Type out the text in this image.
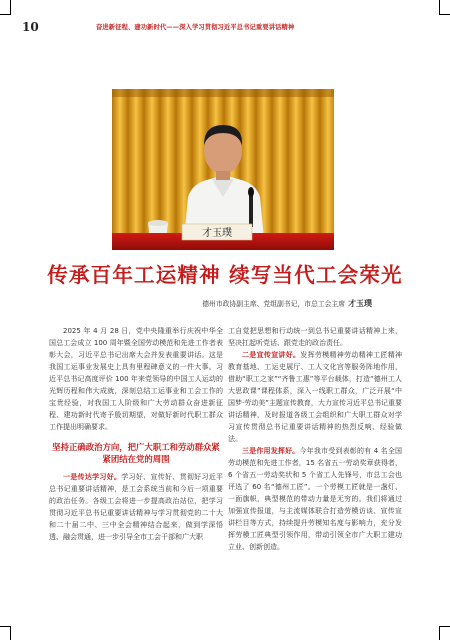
10	奋进新征程、建功新时代——深入学习贯彻习近平总书记重要讲话精神
才玉璞
传承百年工运精神 续写当代工会荣光
德州市政协副主席、党组副书记，市总工会主席 才玉璞

2025 年 4 月 28 日，党中央隆重举行庆祝中华全国总工会成立 100 周年暨全国劳动模范和先进工作者表彰大会，习近平总书记出席大会并发表重要讲话。这是我国工运事业发展史上具有里程碑意义的一件大事。习近平总书记高度评价 100 年来党领导的中国工人运动的光辉历程和伟大成就，深刻总结工运事业和工会工作的宝贵经验，对我国工人阶级和广大劳动群众奋进新征程、建功新时代寄予殷切期望，对做好新时代职工群众工作提出明确要求。

坚持正确政治方向，把广大职工和劳动群众紧紧团结在党的周围

一是传达学习好。学习好、宣传好、贯彻好习近平总书记重要讲话精神，是工会系统当前和今后一项重要的政治任务。各级工会将进一步提高政治站位，把学习贯彻习近平总书记重要讲话精神与学习贯彻党的二十大和二十届二中、三中全会精神结合起来，做到学深悟透、融会贯通，进一步引导全市工会干部和广大职

工自觉把思想和行动统一到总书记重要讲话精神上来，坚决扛起听党话、跟党走的政治责任。

二是宣传宣讲好。发挥劳模精神劳动精神工匠精神教育基地、工运史展厅、工人文化宫等服务阵地作用，借助“职工之家”“齐鲁工惠”等平台载体，打造“德州工人大思政课”课程体系，深入一线职工群众，广泛开展“中国梦·劳动美”主题宣传教育，大力宣传习近平总书记重要讲话精神，及时报道各级工会组织和广大职工群众对学习宣传贯彻总书记重要讲话精神的热烈反响、经验做法。

三是作用发挥好。今年我市受到表彰的有 4 名全国劳动模范和先进工作者，15 名省五一劳动奖章获得者，6 个省五一劳动奖状和 5 个省工人先锋号，市总工会也评选了 60 名“德州工匠”。一个劳模工匠就是一盏灯、一面旗帜，典型模范的带动力量是无穷的。我们将通过加强宣传报道，与主流媒体联合打造劳模访谈、宣传宣讲栏目等方式，持续提升劳模知名度与影响力，充分发挥劳模工匠典型引领作用，带动引领全市广大职工建功立业、创新创造。
